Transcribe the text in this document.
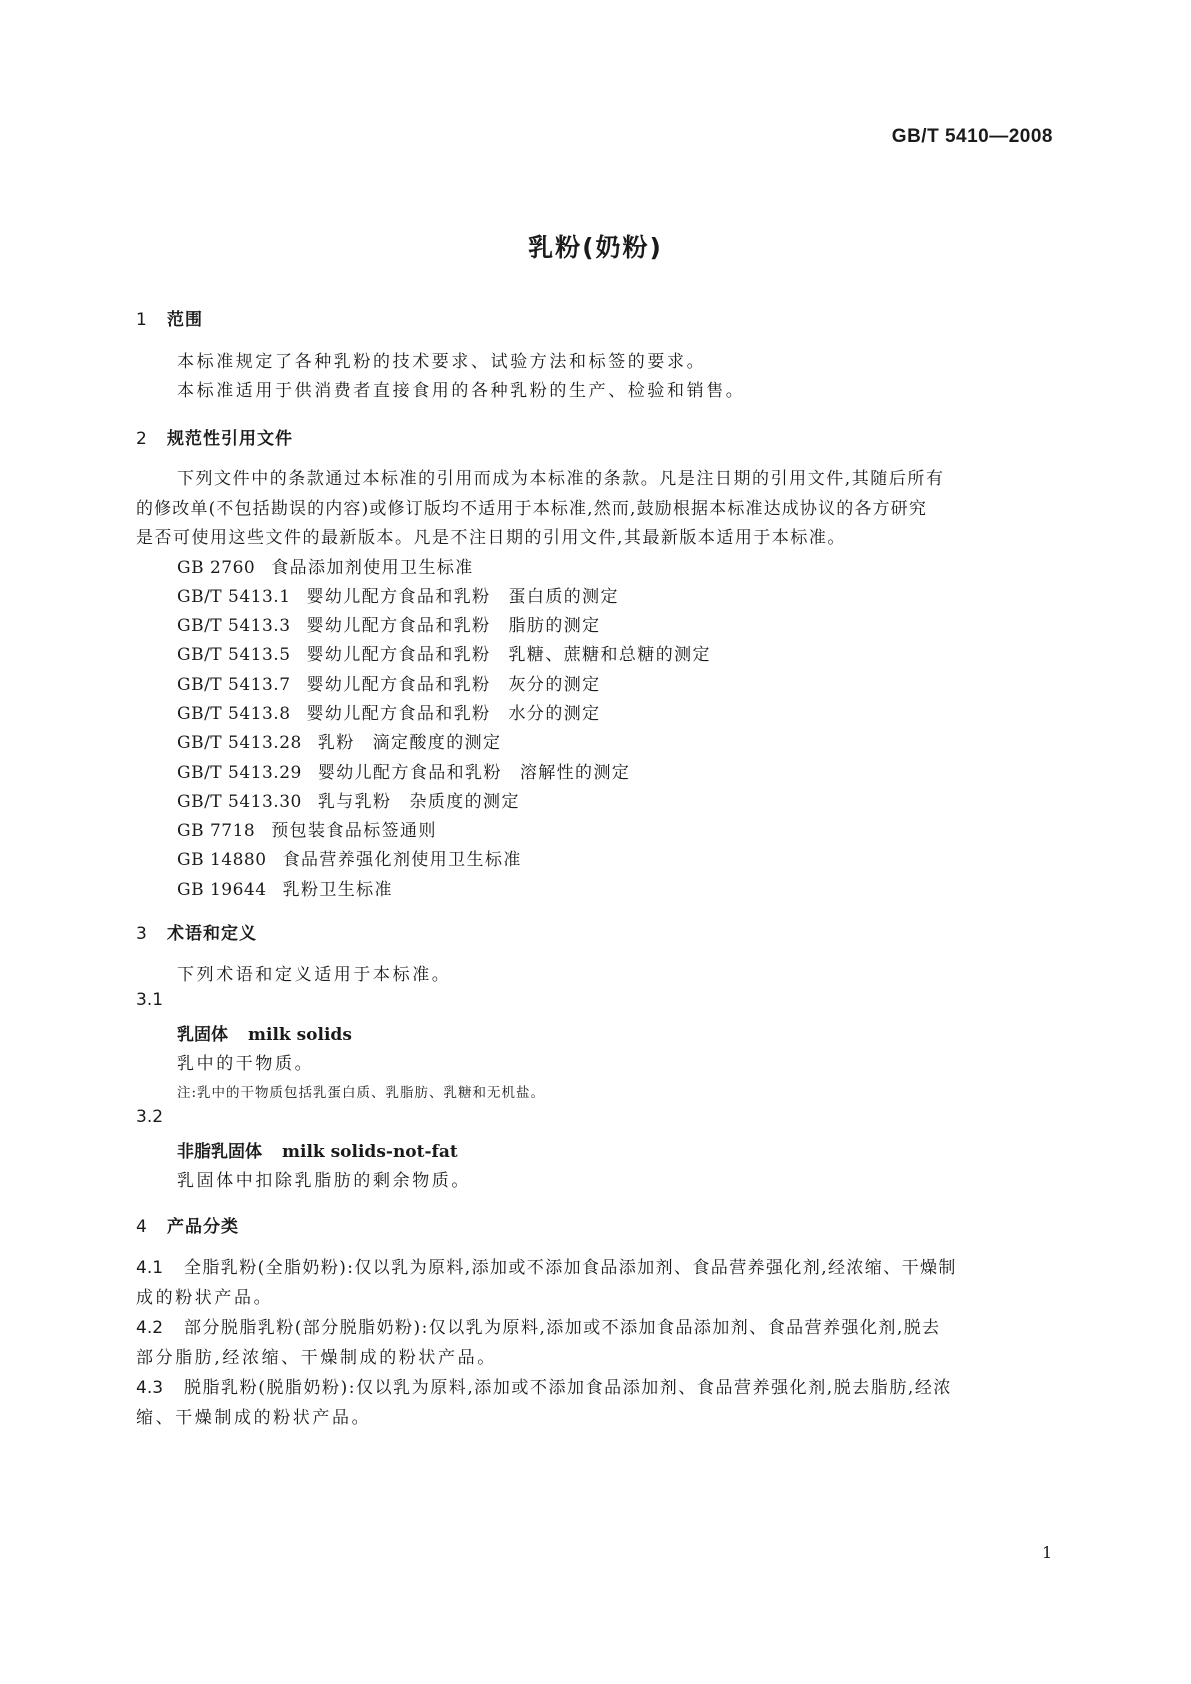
GB/T 5410—2008
乳粉(奶粉)
1 范围
本标准规定了各种乳粉的技术要求、试验方法和标签的要求。
本标准适用于供消费者直接食用的各种乳粉的生产、检验和销售。
2 规范性引用文件
下列文件中的条款通过本标准的引用而成为本标准的条款。凡是注日期的引用文件,其随后所有
的修改单(不包括勘误的内容)或修订版均不适用于本标准,然而,鼓励根据本标准达成协议的各方研究
是否可使用这些文件的最新版本。凡是不注日期的引用文件,其最新版本适用于本标准。
GB 2760 食品添加剂使用卫生标准
GB/T 5413.1 婴幼儿配方食品和乳粉 蛋白质的测定
GB/T 5413.3 婴幼儿配方食品和乳粉 脂肪的测定
GB/T 5413.5 婴幼儿配方食品和乳粉 乳糖、蔗糖和总糖的测定
GB/T 5413.7 婴幼儿配方食品和乳粉 灰分的测定
GB/T 5413.8 婴幼儿配方食品和乳粉 水分的测定
GB/T 5413.28 乳粉 滴定酸度的测定
GB/T 5413.29 婴幼儿配方食品和乳粉 溶解性的测定
GB/T 5413.30 乳与乳粉 杂质度的测定
GB 7718 预包装食品标签通则
GB 14880 食品营养强化剂使用卫生标准
GB 19644 乳粉卫生标准
3 术语和定义
下列术语和定义适用于本标准。
3.1
乳固体 milk solids
乳中的干物质。
注:乳中的干物质包括乳蛋白质、乳脂肪、乳糖和无机盐。
3.2
非脂乳固体 milk solids-not-fat
乳固体中扣除乳脂肪的剩余物质。
4 产品分类
4.1 全脂乳粉(全脂奶粉):仅以乳为原料,添加或不添加食品添加剂、食品营养强化剂,经浓缩、干燥制
成的粉状产品。
4.2 部分脱脂乳粉(部分脱脂奶粉):仅以乳为原料,添加或不添加食品添加剂、食品营养强化剂,脱去
部分脂肪,经浓缩、干燥制成的粉状产品。
4.3 脱脂乳粉(脱脂奶粉):仅以乳为原料,添加或不添加食品添加剂、食品营养强化剂,脱去脂肪,经浓
缩、干燥制成的粉状产品。
1
